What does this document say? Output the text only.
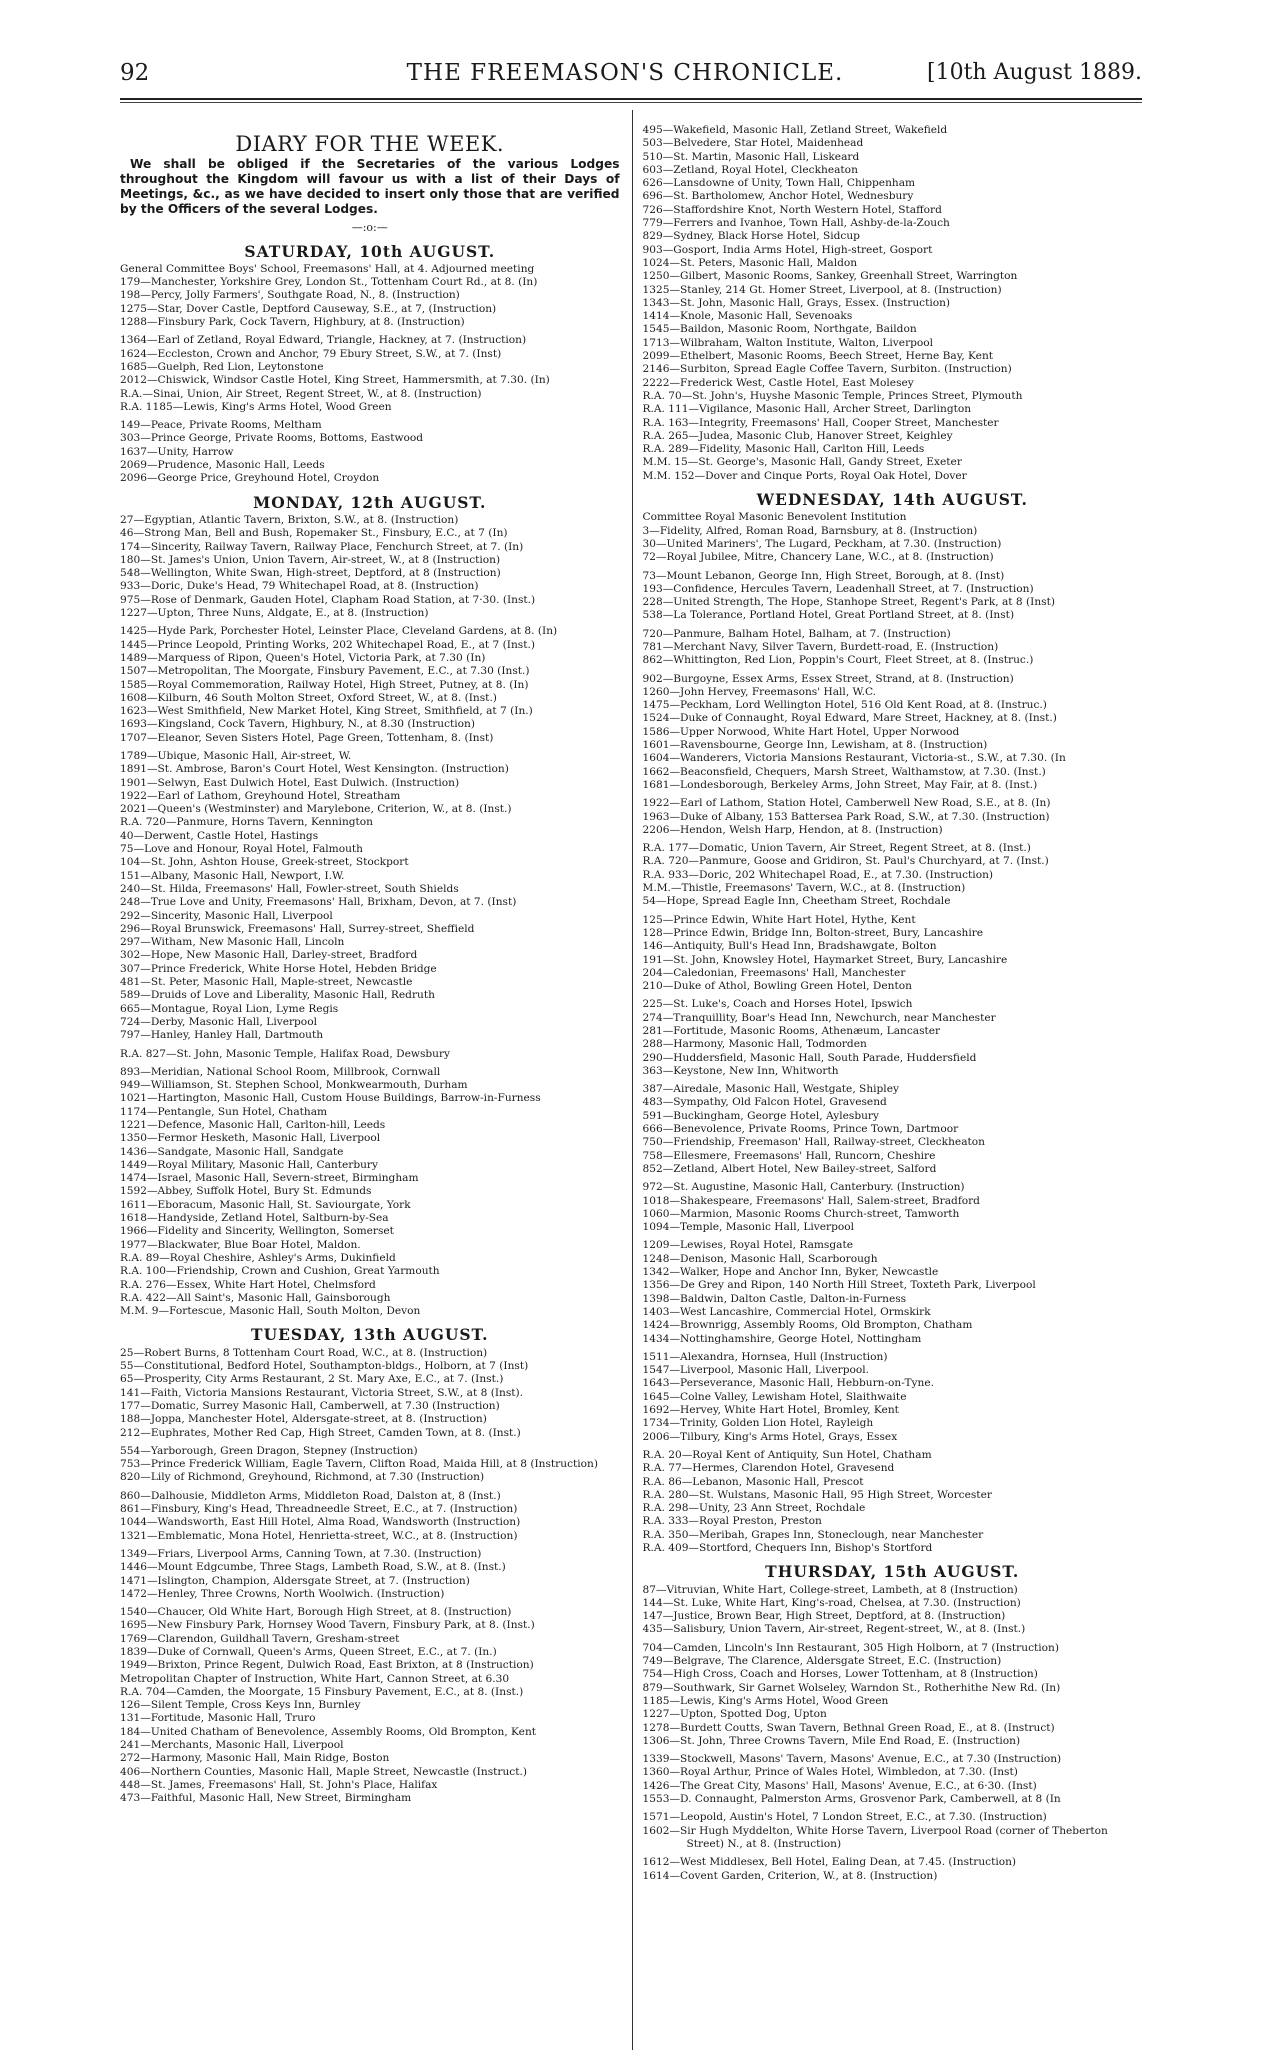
92	THE FREEMASON'S CHRONICLE.	[10th August 1889.
DIARY FOR THE WEEK.
We shall be obliged if the Secretaries of the various Lodges throughout the Kingdom will favour us with a list of their Days of Meetings, &c., as we have decided to insert only those that are verified by the Officers of the several Lodges.
—:o:—
SATURDAY, 10th AUGUST.
General Committee Boys' School, Freemasons' Hall, at 4. Adjourned meeting
179—Manchester, Yorkshire Grey, London St., Tottenham Court Rd., at 8. (In)
198—Percy, Jolly Farmers', Southgate Road, N., 8. (Instruction)
1275—Star, Dover Castle, Deptford Causeway, S.E., at 7, (Instruction)
1288—Finsbury Park, Cock Tavern, Highbury, at 8. (Instruction)
1364—Earl of Zetland, Royal Edward, Triangle, Hackney, at 7. (Instruction)
1624—Eccleston, Crown and Anchor, 79 Ebury Street, S.W., at 7. (Inst)
1685—Guelph, Red Lion, Leytonstone
2012—Chiswick, Windsor Castle Hotel, King Street, Hammersmith, at 7.30. (In)
R.A.—Sinai, Union, Air Street, Regent Street, W., at 8. (Instruction)
R.A. 1185—Lewis, King's Arms Hotel, Wood Green
149—Peace, Private Rooms, Meltham
303—Prince George, Private Rooms, Bottoms, Eastwood
1637—Unity, Harrow
2069—Prudence, Masonic Hall, Leeds
2096—George Price, Greyhound Hotel, Croydon
MONDAY, 12th AUGUST.
27—Egyptian, Atlantic Tavern, Brixton, S.W., at 8. (Instruction)
46—Strong Man, Bell and Bush, Ropemaker St., Finsbury, E.C., at 7 (In)
174—Sincerity, Railway Tavern, Railway Place, Fenchurch Street, at 7. (In)
180—St. James's Union, Union Tavern, Air-street, W., at 8 (Instruction)
548—Wellington, White Swan, High-street, Deptford, at 8 (Instruction)
933—Doric, Duke's Head, 79 Whitechapel Road, at 8. (Instruction)
975—Rose of Denmark, Gauden Hotel, Clapham Road Station, at 7·30. (Inst.)
1227—Upton, Three Nuns, Aldgate, E., at 8. (Instruction)
1425—Hyde Park, Porchester Hotel, Leinster Place, Cleveland Gardens, at 8. (In)
1445—Prince Leopold, Printing Works, 202 Whitechapel Road, E., at 7 (Inst.)
1489—Marquess of Ripon, Queen's Hotel, Victoria Park, at 7.30 (In)
1507—Metropolitan, The Moorgate, Finsbury Pavement, E.C., at 7.30 (Inst.)
1585—Royal Commemoration, Railway Hotel, High Street, Putney, at 8. (In)
1608—Kilburn, 46 South Molton Street, Oxford Street, W., at 8. (Inst.)
1623—West Smithfield, New Market Hotel, King Street, Smithfield, at 7 (In.)
1693—Kingsland, Cock Tavern, Highbury, N., at 8.30 (Instruction)
1707—Eleanor, Seven Sisters Hotel, Page Green, Tottenham, 8. (Inst)
1789—Ubique, Masonic Hall, Air-street, W.
1891—St. Ambrose, Baron's Court Hotel, West Kensington. (Instruction)
1901—Selwyn, East Dulwich Hotel, East Dulwich. (Instruction)
1922—Earl of Lathom, Greyhound Hotel, Streatham
2021—Queen's (Westminster) and Marylebone, Criterion, W., at 8. (Inst.)
R.A. 720—Panmure, Horns Tavern, Kennington
40—Derwent, Castle Hotel, Hastings
75—Love and Honour, Royal Hotel, Falmouth
104—St. John, Ashton House, Greek-street, Stockport
151—Albany, Masonic Hall, Newport, I.W.
240—St. Hilda, Freemasons' Hall, Fowler-street, South Shields
248—True Love and Unity, Freemasons' Hall, Brixham, Devon, at 7. (Inst)
292—Sincerity, Masonic Hall, Liverpool
296—Royal Brunswick, Freemasons' Hall, Surrey-street, Sheffield
297—Witham, New Masonic Hall, Lincoln
302—Hope, New Masonic Hall, Darley-street, Bradford
307—Prince Frederick, White Horse Hotel, Hebden Bridge
481—St. Peter, Masonic Hall, Maple-street, Newcastle
589—Druids of Love and Liberality, Masonic Hall, Redruth
665—Montague, Royal Lion, Lyme Regis
724—Derby, Masonic Hall, Liverpool
797—Hanley, Hanley Hall, Dartmouth
R.A. 827—St. John, Masonic Temple, Halifax Road, Dewsbury
893—Meridian, National School Room, Millbrook, Cornwall
949—Williamson, St. Stephen School, Monkwearmouth, Durham
1021—Hartington, Masonic Hall, Custom House Buildings, Barrow-in-Furness
1174—Pentangle, Sun Hotel, Chatham
1221—Defence, Masonic Hall, Carlton-hill, Leeds
1350—Fermor Hesketh, Masonic Hall, Liverpool
1436—Sandgate, Masonic Hall, Sandgate
1449—Royal Military, Masonic Hall, Canterbury
1474—Israel, Masonic Hall, Severn-street, Birmingham
1592—Abbey, Suffolk Hotel, Bury St. Edmunds
1611—Eboracum, Masonic Hall, St. Saviourgate, York
1618—Handyside, Zetland Hotel, Saltburn-by-Sea
1966—Fidelity and Sincerity, Wellington, Somerset
1977—Blackwater, Blue Boar Hotel, Maldon.
R.A. 89—Royal Cheshire, Ashley's Arms, Dukinfield
R.A. 100—Friendship, Crown and Cushion, Great Yarmouth
R.A. 276—Essex, White Hart Hotel, Chelmsford
R.A. 422—All Saint's, Masonic Hall, Gainsborough
M.M. 9—Fortescue, Masonic Hall, South Molton, Devon
TUESDAY, 13th AUGUST.
25—Robert Burns, 8 Tottenham Court Road, W.C., at 8. (Instruction)
55—Constitutional, Bedford Hotel, Southampton-bldgs., Holborn, at 7 (Inst)
65—Prosperity, City Arms Restaurant, 2 St. Mary Axe, E.C., at 7. (Inst.)
141—Faith, Victoria Mansions Restaurant, Victoria Street, S.W., at 8 (Inst).
177—Domatic, Surrey Masonic Hall, Camberwell, at 7.30 (Instruction)
188—Joppa, Manchester Hotel, Aldersgate-street, at 8. (Instruction)
212—Euphrates, Mother Red Cap, High Street, Camden Town, at 8. (Inst.)
554—Yarborough, Green Dragon, Stepney (Instruction)
753—Prince Frederick William, Eagle Tavern, Clifton Road, Maida Hill, at 8 (Instruction)
820—Lily of Richmond, Greyhound, Richmond, at 7.30 (Instruction)
860—Dalhousie, Middleton Arms, Middleton Road, Dalston at, 8 (Inst.)
861—Finsbury, King's Head, Threadneedle Street, E.C., at 7. (Instruction)
1044—Wandsworth, East Hill Hotel, Alma Road, Wandsworth (Instruction)
1321—Emblematic, Mona Hotel, Henrietta-street, W.C., at 8. (Instruction)
1349—Friars, Liverpool Arms, Canning Town, at 7.30. (Instruction)
1446—Mount Edgcumbe, Three Stags, Lambeth Road, S.W., at 8. (Inst.)
1471—Islington, Champion, Aldersgate Street, at 7. (Instruction)
1472—Henley, Three Crowns, North Woolwich. (Instruction)
1540—Chaucer, Old White Hart, Borough High Street, at 8. (Instruction)
1695—New Finsbury Park, Hornsey Wood Tavern, Finsbury Park, at 8. (Inst.)
1769—Clarendon, Guildhall Tavern, Gresham-street
1839—Duke of Cornwall, Queen's Arms, Queen Street, E.C., at 7. (In.)
1949—Brixton, Prince Regent, Dulwich Road, East Brixton, at 8 (Instruction)
Metropolitan Chapter of Instruction, White Hart, Cannon Street, at 6.30
R.A. 704—Camden, the Moorgate, 15 Finsbury Pavement, E.C., at 8. (Inst.)
126—Silent Temple, Cross Keys Inn, Burnley
131—Fortitude, Masonic Hall, Truro
184—United Chatham of Benevolence, Assembly Rooms, Old Brompton, Kent
241—Merchants, Masonic Hall, Liverpool
272—Harmony, Masonic Hall, Main Ridge, Boston
406—Northern Counties, Masonic Hall, Maple Street, Newcastle (Instruct.)
448—St. James, Freemasons' Hall, St. John's Place, Halifax
473—Faithful, Masonic Hall, New Street, Birmingham
495—Wakefield, Masonic Hall, Zetland Street, Wakefield
503—Belvedere, Star Hotel, Maidenhead
510—St. Martin, Masonic Hall, Liskeard
603—Zetland, Royal Hotel, Cleckheaton
626—Lansdowne of Unity, Town Hall, Chippenham
696—St. Bartholomew, Anchor Hotel, Wednesbury
726—Staffordshire Knot, North Western Hotel, Stafford
779—Ferrers and Ivanhoe, Town Hall, Ashby-de-la-Zouch
829—Sydney, Black Horse Hotel, Sidcup
903—Gosport, India Arms Hotel, High-street, Gosport
1024—St. Peters, Masonic Hall, Maldon
1250—Gilbert, Masonic Rooms, Sankey, Greenhall Street, Warrington
1325—Stanley, 214 Gt. Homer Street, Liverpool, at 8. (Instruction)
1343—St. John, Masonic Hall, Grays, Essex. (Instruction)
1414—Knole, Masonic Hall, Sevenoaks
1545—Baildon, Masonic Room, Northgate, Baildon
1713—Wilbraham, Walton Institute, Walton, Liverpool
2099—Ethelbert, Masonic Rooms, Beech Street, Herne Bay, Kent
2146—Surbiton, Spread Eagle Coffee Tavern, Surbiton. (Instruction)
2222—Frederick West, Castle Hotel, East Molesey
R.A. 70—St. John's, Huyshe Masonic Temple, Princes Street, Plymouth
R.A. 111—Vigilance, Masonic Hall, Archer Street, Darlington
R.A. 163—Integrity, Freemasons' Hall, Cooper Street, Manchester
R.A. 265—Judea, Masonic Club, Hanover Street, Keighley
R.A. 289—Fidelity, Masonic Hall, Carlton Hill, Leeds
M.M. 15—St. George's, Masonic Hall, Gandy Street, Exeter
M.M. 152—Dover and Cinque Ports, Royal Oak Hotel, Dover
WEDNESDAY, 14th AUGUST.
Committee Royal Masonic Benevolent Institution
3—Fidelity, Alfred, Roman Road, Barnsbury, at 8. (Instruction)
30—United Mariners', The Lugard, Peckham, at 7.30. (Instruction)
72—Royal Jubilee, Mitre, Chancery Lane, W.C., at 8. (Instruction)
73—Mount Lebanon, George Inn, High Street, Borough, at 8. (Inst)
193—Confidence, Hercules Tavern, Leadenhall Street, at 7. (Instruction)
228—United Strength, The Hope, Stanhope Street, Regent's Park, at 8 (Inst)
538—La Tolerance, Portland Hotel, Great Portland Street, at 8. (Inst)
720—Panmure, Balham Hotel, Balham, at 7. (Instruction)
781—Merchant Navy, Silver Tavern, Burdett-road, E. (Instruction)
862—Whittington, Red Lion, Poppin's Court, Fleet Street, at 8. (Instruc.)
902—Burgoyne, Essex Arms, Essex Street, Strand, at 8. (Instruction)
1260—John Hervey, Freemasons' Hall, W.C.
1475—Peckham, Lord Wellington Hotel, 516 Old Kent Road, at 8. (Instruc.)
1524—Duke of Connaught, Royal Edward, Mare Street, Hackney, at 8. (Inst.)
1586—Upper Norwood, White Hart Hotel, Upper Norwood
1601—Ravensbourne, George Inn, Lewisham, at 8. (Instruction)
1604—Wanderers, Victoria Mansions Restaurant, Victoria-st., S.W., at 7.30. (In
1662—Beaconsfield, Chequers, Marsh Street, Walthamstow, at 7.30. (Inst.)
1681—Londesborough, Berkeley Arms, John Street, May Fair, at 8. (Inst.)
1922—Earl of Lathom, Station Hotel, Camberwell New Road, S.E., at 8. (In)
1963—Duke of Albany, 153 Battersea Park Road, S.W., at 7.30. (Instruction)
2206—Hendon, Welsh Harp, Hendon, at 8. (Instruction)
R.A. 177—Domatic, Union Tavern, Air Street, Regent Street, at 8. (Inst.)
R.A. 720—Panmure, Goose and Gridiron, St. Paul's Churchyard, at 7. (Inst.)
R.A. 933—Doric, 202 Whitechapel Road, E., at 7.30. (Instruction)
M.M.—Thistle, Freemasons' Tavern, W.C., at 8. (Instruction)
54—Hope, Spread Eagle Inn, Cheetham Street, Rochdale
125—Prince Edwin, White Hart Hotel, Hythe, Kent
128—Prince Edwin, Bridge Inn, Bolton-street, Bury, Lancashire
146—Antiquity, Bull's Head Inn, Bradshawgate, Bolton
191—St. John, Knowsley Hotel, Haymarket Street, Bury, Lancashire
204—Caledonian, Freemasons' Hall, Manchester
210—Duke of Athol, Bowling Green Hotel, Denton
225—St. Luke's, Coach and Horses Hotel, Ipswich
274—Tranquillity, Boar's Head Inn, Newchurch, near Manchester
281—Fortitude, Masonic Rooms, Athenæum, Lancaster
288—Harmony, Masonic Hall, Todmorden
290—Huddersfield, Masonic Hall, South Parade, Huddersfield
363—Keystone, New Inn, Whitworth
387—Airedale, Masonic Hall, Westgate, Shipley
483—Sympathy, Old Falcon Hotel, Gravesend
591—Buckingham, George Hotel, Aylesbury
666—Benevolence, Private Rooms, Prince Town, Dartmoor
750—Friendship, Freemason' Hall, Railway-street, Cleckheaton
758—Ellesmere, Freemasons' Hall, Runcorn, Cheshire
852—Zetland, Albert Hotel, New Bailey-street, Salford
972—St. Augustine, Masonic Hall, Canterbury. (Instruction)
1018—Shakespeare, Freemasons' Hall, Salem-street, Bradford
1060—Marmion, Masonic Rooms Church-street, Tamworth
1094—Temple, Masonic Hall, Liverpool
1209—Lewises, Royal Hotel, Ramsgate
1248—Denison, Masonic Hall, Scarborough
1342—Walker, Hope and Anchor Inn, Byker, Newcastle
1356—De Grey and Ripon, 140 North Hill Street, Toxteth Park, Liverpool
1398—Baldwin, Dalton Castle, Dalton-in-Furness
1403—West Lancashire, Commercial Hotel, Ormskirk
1424—Brownrigg, Assembly Rooms, Old Brompton, Chatham
1434—Nottinghamshire, George Hotel, Nottingham
1511—Alexandra, Hornsea, Hull (Instruction)
1547—Liverpool, Masonic Hall, Liverpool.
1643—Perseverance, Masonic Hall, Hebburn-on-Tyne.
1645—Colne Valley, Lewisham Hotel, Slaithwaite
1692—Hervey, White Hart Hotel, Bromley, Kent
1734—Trinity, Golden Lion Hotel, Rayleigh
2006—Tilbury, King's Arms Hotel, Grays, Essex
R.A. 20—Royal Kent of Antiquity, Sun Hotel, Chatham
R.A. 77—Hermes, Clarendon Hotel, Gravesend
R.A. 86—Lebanon, Masonic Hall, Prescot
R.A. 280—St. Wulstans, Masonic Hall, 95 High Street, Worcester
R.A. 298—Unity, 23 Ann Street, Rochdale
R.A. 333—Royal Preston, Preston
R.A. 350—Meribah, Grapes Inn, Stoneclough, near Manchester
R.A. 409—Stortford, Chequers Inn, Bishop's Stortford
THURSDAY, 15th AUGUST.
87—Vitruvian, White Hart, College-street, Lambeth, at 8 (Instruction)
144—St. Luke, White Hart, King's-road, Chelsea, at 7.30. (Instruction)
147—Justice, Brown Bear, High Street, Deptford, at 8. (Instruction)
435—Salisbury, Union Tavern, Air-street, Regent-street, W., at 8. (Inst.)
704—Camden, Lincoln's Inn Restaurant, 305 High Holborn, at 7 (Instruction)
749—Belgrave, The Clarence, Aldersgate Street, E.C. (Instruction)
754—High Cross, Coach and Horses, Lower Tottenham, at 8 (Instruction)
879—Southwark, Sir Garnet Wolseley, Warndon St., Rotherhithe New Rd. (In)
1185—Lewis, King's Arms Hotel, Wood Green
1227—Upton, Spotted Dog, Upton
1278—Burdett Coutts, Swan Tavern, Bethnal Green Road, E., at 8. (Instruct)
1306—St. John, Three Crowns Tavern, Mile End Road, E. (Instruction)
1339—Stockwell, Masons' Tavern, Masons' Avenue, E.C., at 7.30 (Instruction)
1360—Royal Arthur, Prince of Wales Hotel, Wimbledon, at 7.30. (Inst)
1426—The Great City, Masons' Hall, Masons' Avenue, E.C., at 6·30. (Inst)
1553—D. Connaught, Palmerston Arms, Grosvenor Park, Camberwell, at 8 (In
1571—Leopold, Austin's Hotel, 7 London Street, E.C., at 7.30. (Instruction)
1602—Sir Hugh Myddelton, White Horse Tavern, Liverpool Road (corner of Theberton Street) N., at 8. (Instruction)
1612—West Middlesex, Bell Hotel, Ealing Dean, at 7.45. (Instruction)
1614—Covent Garden, Criterion, W., at 8. (Instruction)
